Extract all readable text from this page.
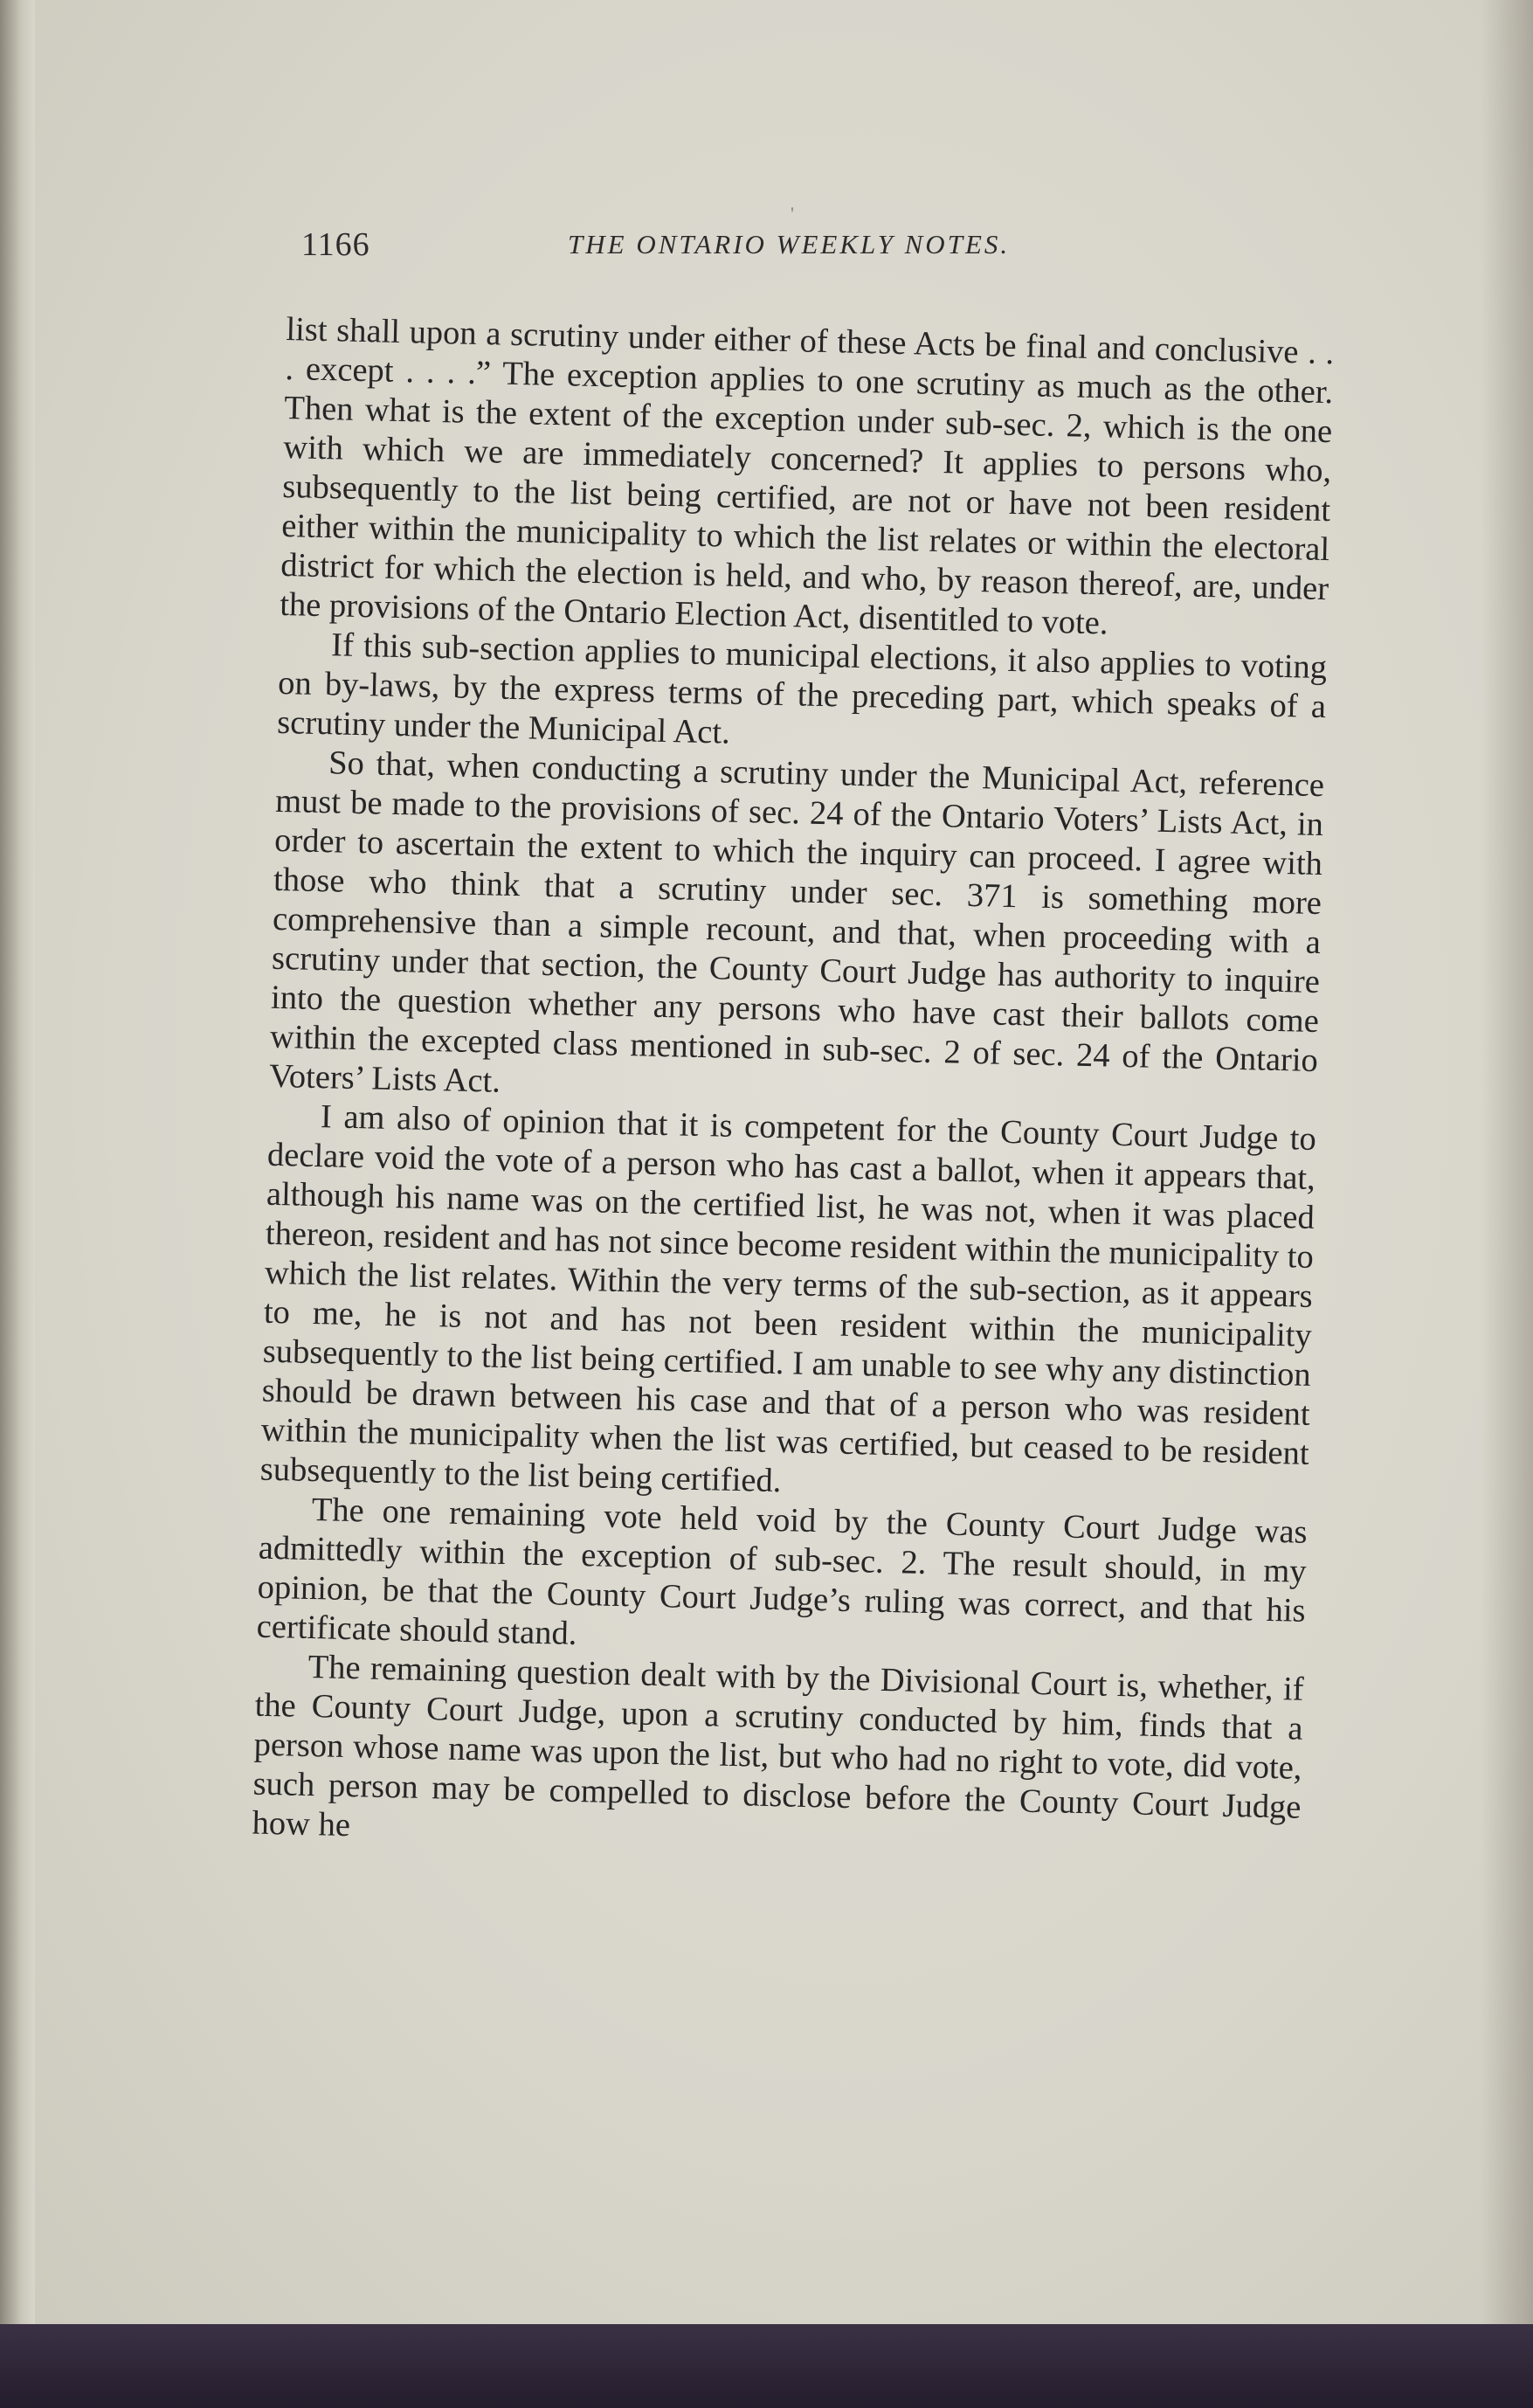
'
1166	THE ONTARIO WEEKLY NOTES.

list shall upon a scrutiny under either of these Acts be final and conclusive . . . except . . . .” The exception applies to one scrutiny as much as the other. Then what is the extent of the exception under sub-sec. 2, which is the one with which we are immediately concerned? It applies to persons who, subsequently to the list being certified, are not or have not been resident either within the municipality to which the list relates or within the electoral district for which the election is held, and who, by reason thereof, are, under the provisions of the Ontario Election Act, disentitled to vote.

If this sub-section applies to municipal elections, it also applies to voting on by-laws, by the express terms of the preceding part, which speaks of a scrutiny under the Municipal Act.

So that, when conducting a scrutiny under the Municipal Act, reference must be made to the provisions of sec. 24 of the Ontario Voters’ Lists Act, in order to ascertain the extent to which the inquiry can proceed. I agree with those who think that a scrutiny under sec. 371 is something more comprehensive than a simple recount, and that, when proceeding with a scrutiny under that section, the County Court Judge has authority to inquire into the question whether any persons who have cast their ballots come within the excepted class mentioned in sub-sec. 2 of sec. 24 of the Ontario Voters’ Lists Act.

I am also of opinion that it is competent for the County Court Judge to declare void the vote of a person who has cast a ballot, when it appears that, although his name was on the certified list, he was not, when it was placed thereon, resident and has not since become resident within the municipality to which the list relates. Within the very terms of the sub-section, as it appears to me, he is not and has not been resident within the municipality subsequently to the list being certified. I am unable to see why any distinction should be drawn between his case and that of a person who was resident within the municipality when the list was certified, but ceased to be resident subsequently to the list being certified.

The one remaining vote held void by the County Court Judge was admittedly within the exception of sub-sec. 2. The result should, in my opinion, be that the County Court Judge’s ruling was correct, and that his certificate should stand.

The remaining question dealt with by the Divisional Court is, whether, if the County Court Judge, upon a scrutiny conducted by him, finds that a person whose name was upon the list, but who had no right to vote, did vote, such person may be compelled to disclose before the County Court Judge how he
